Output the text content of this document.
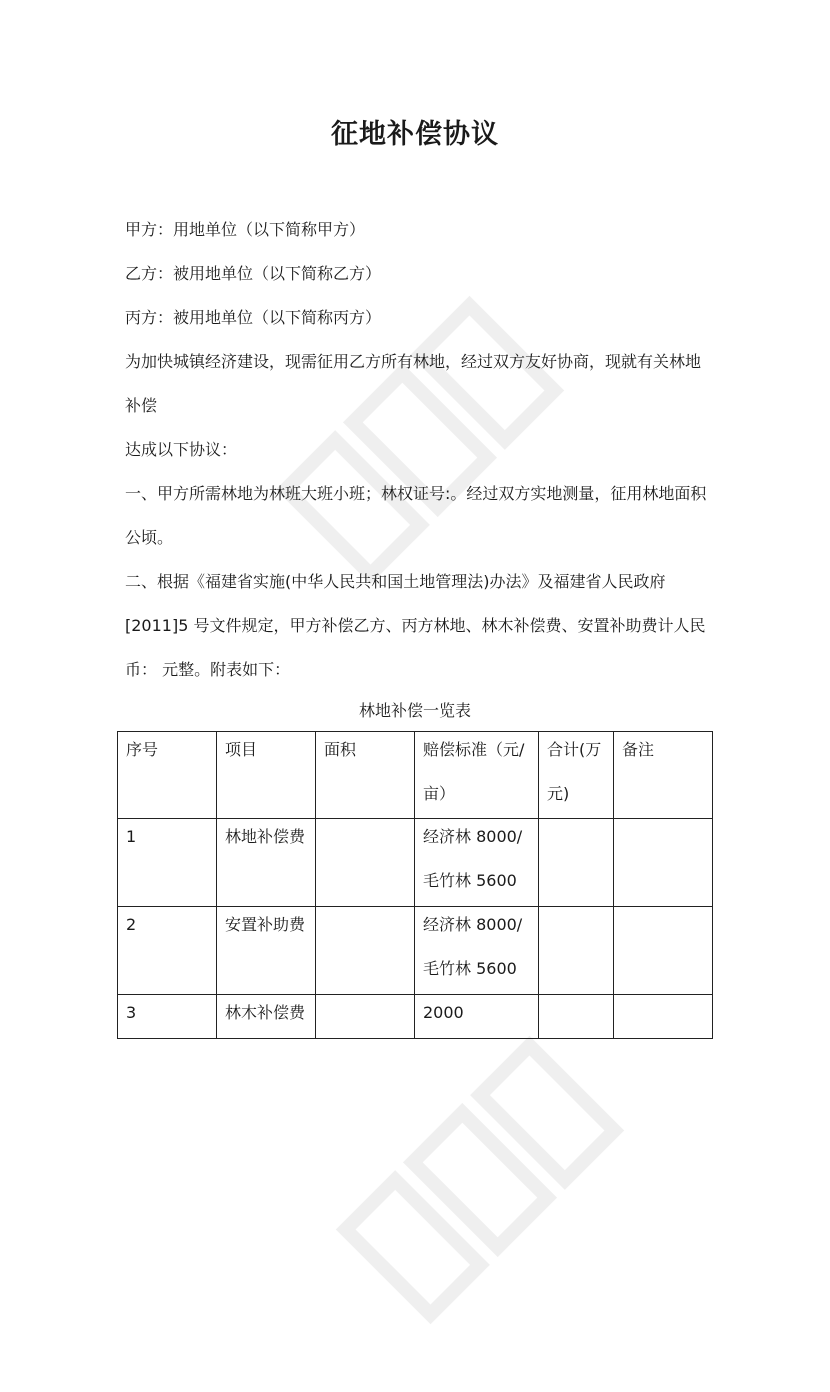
征地补偿协议

甲方：用地单位（以下简称甲方）

乙方：被用地单位（以下简称乙方）

丙方：被用地单位（以下简称丙方）

为加快城镇经济建设，现需征用乙方所有林地，经过双方友好协商，现就有关林地补偿

达成以下协议：

一、甲方所需林地为林班大班小班；林权证号:。经过双方实地测量，征用林地面积公顷。

二、根据《福建省实施(中华人民共和国土地管理法)办法》及福建省人民政府[2011]5 号文件规定，甲方补偿乙方、丙方林地、林木补偿费、安置补助费计人民币： 元整。附表如下：

林地补偿一览表
序号	项目	面积	赔偿标准（元/亩）	合计(万元)	备注

1	林地补偿费		经济林 8000/毛竹林 5600		

2	安置补助费		经济林 8000/毛竹林 5600		

3	林木补偿费		2000		
